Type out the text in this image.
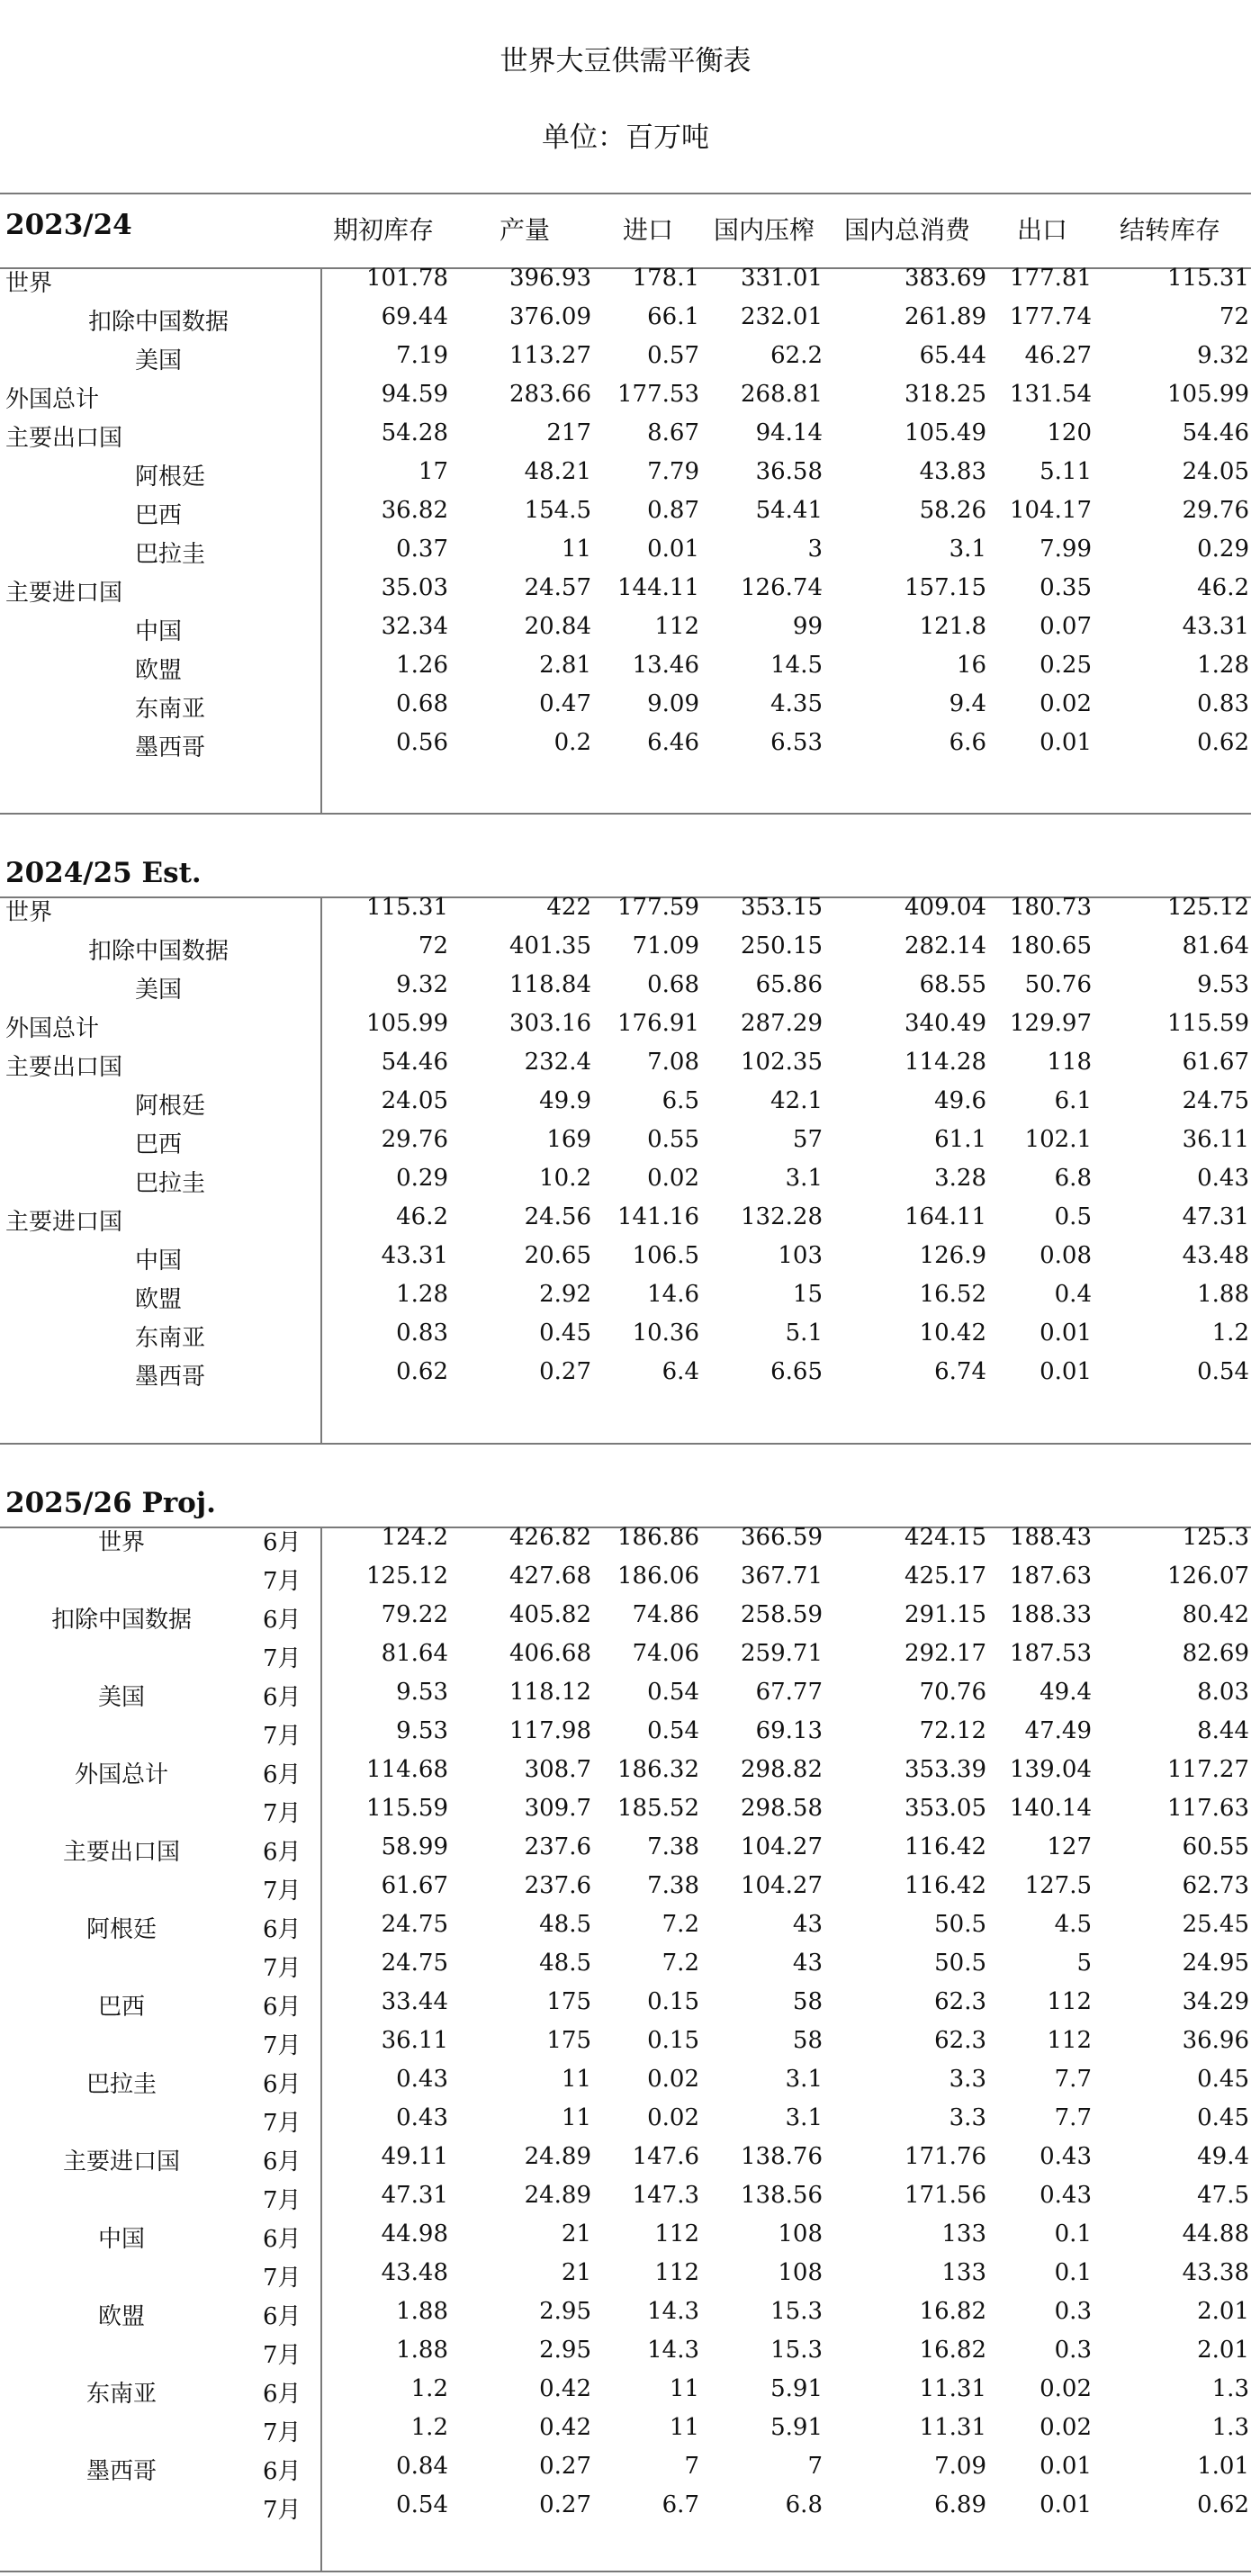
世界大豆供需平衡表
单位：百万吨
2023/24	期初库存	产量	进口 国内压榨 国内总消费 出口 结转库存
世界	101.78	396.93 178.1 331.01	383.69 177.81	115.31
扣除中国数据	69.44	376.09 66.1 232.01	261.89 177.74	72
美国	7.19	113.27 0.57	62.2	65.44 46.27	9.32
外国总计	94.59	283.66 177.53 268.81	318.25 131.54	105.99
主要出口国	54.28	217 8.67 94.14	105.49	120	54.46
阿根廷	17	48.21 7.79 36.58	43.83 5.11	24.05
巴西	36.82	154.5 0.87 54.41	58.26 104.17	29.76
巴拉圭	0.37	11 0.01	3	3.1 7.99	0.29
主要进口国	35.03	24.57 144.11 126.74	157.15 0.35	46.2
中国	32.34	20.84	112	99	121.8 0.07	43.31
欧盟	1.26	2.81 13.46	14.5	16 0.25	1.28
东南亚	0.68	0.47 9.09	4.35	9.4 0.02	0.83
墨西哥	0.56	0.2 6.46	6.53	6.6 0.01	0.62
2024/25 Est.
世界	115.31	422 177.59 353.15	409.04 180.73	125.12
扣除中国数据	72	401.35 71.09 250.15	282.14 180.65	81.64
美国	9.32	118.84 0.68 65.86	68.55 50.76	9.53
外国总计	105.99	303.16 176.91 287.29	340.49 129.97	115.59
主要出口国	54.46	232.4 7.08 102.35	114.28	118	61.67
阿根廷	24.05	49.9	6.5	42.1	49.6	6.1	24.75
巴西	29.76	169 0.55	57	61.1 102.1	36.11
巴拉圭	0.29	10.2 0.02	3.1	3.28	6.8	0.43
主要进口国	46.2	24.56 141.16 132.28	164.11	0.5	47.31
中国	43.31	20.65 106.5	103	126.9 0.08	43.48
欧盟	1.28	2.92 14.6	15	16.52	0.4	1.88
东南亚	0.83	0.45 10.36	5.1	10.42 0.01	1.2
墨西哥	0.62	0.27	6.4	6.65	6.74 0.01	0.54
2025/26 Proj.
世界	6月	124.2	426.82 186.86 366.59	424.15 188.43	125.3
7月	125.12	427.68 186.06 367.71	425.17 187.63	126.07
扣除中国数据	6月	79.22	405.82 74.86 258.59	291.15 188.33	80.42
7月	81.64	406.68 74.06 259.71	292.17 187.53	82.69
美国	6月	9.53	118.12 0.54 67.77	70.76 49.4	8.03
7月	9.53	117.98 0.54 69.13	72.12 47.49	8.44
外国总计	6月	114.68	308.7 186.32 298.82	353.39 139.04	117.27
7月	115.59	309.7 185.52 298.58	353.05 140.14	117.63
主要出口国	6月	58.99	237.6 7.38 104.27	116.42	127	60.55
7月	61.67	237.6 7.38 104.27	116.42 127.5	62.73
阿根廷	6月	24.75	48.5	7.2	43	50.5	4.5	25.45
7月	24.75	48.5	7.2	43	50.5	5	24.95
巴西	6月	33.44	175 0.15	58	62.3	112	34.29
7月	36.11	175 0.15	58	62.3	112	36.96
巴拉圭	6月	0.43	11 0.02	3.1	3.3	7.7	0.45
7月	0.43	11 0.02	3.1	3.3	7.7	0.45
主要进口国	6月	49.11	24.89 147.6 138.76	171.76 0.43	49.4
7月	47.31	24.89 147.3 138.56	171.56 0.43	47.5
中国	6月	44.98	21	112	108	133	0.1	44.88
7月	43.48	21	112	108	133	0.1	43.38
欧盟	6月	1.88	2.95 14.3	15.3	16.82	0.3	2.01
7月	1.88	2.95 14.3	15.3	16.82	0.3	2.01
东南亚	6月	1.2	0.42	11	5.91	11.31 0.02	1.3
7月	1.2	0.42	11	5.91	11.31 0.02	1.3
墨西哥	6月	0.84	0.27	7	7	7.09 0.01	1.01
7月	0.54	0.27	6.7	6.8	6.89 0.01	0.62
